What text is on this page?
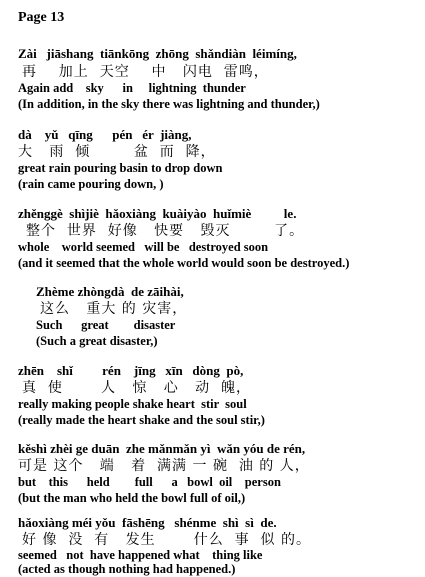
Page 13
Zài   jiāshang  tiānkōng  zhōng  shǎndiàn  léimíng,
再    加上  天空    中   闪电  雷鸣，
Again add    sky      in     lightning  thunder
(In addition, in the sky there was lightning and thunder,)
dà    yǔ   qīng      pén   ér  jiàng,
大   雨  倾        盆  而  降，
great rain pouring basin to drop down
(rain came pouring down, )
zhěnggè  shìjiè  hǎoxiàng  kuàiyào  huǐmiè          le.
整个  世界  好像   快要   毁灭        了。
whole    world seemed   will be   destroyed soon
(and it seemed that the whole world would soon be destroyed.)
Zhème zhòngdà  de zāihài,
这么   重大 的 灾害，
Such      great        disaster
(Such a great disaster,)
zhēn    shǐ         rén    jīng   xīn   dòng  pò,
真  使       人   惊   心   动  魄，
really making people shake heart  stir  soul
(really made the heart shake and the soul stir,)
kěshì zhèi ge duān  zhe mǎnmǎn yì  wǎn yóu de rén,
可是 这个   端   着  满满 一 碗  油 的 人，
but    this      held        full      a   bowl  oil    person
(but the man who held the bowl full of oil,)
hǎoxiàng méi yǒu  fāshēng   shénme  shì  sì  de.
好 像  没  有   发生       什么  事  似 的。
seemed   not  have happened what    thing like
(acted as though nothing had happened.)
